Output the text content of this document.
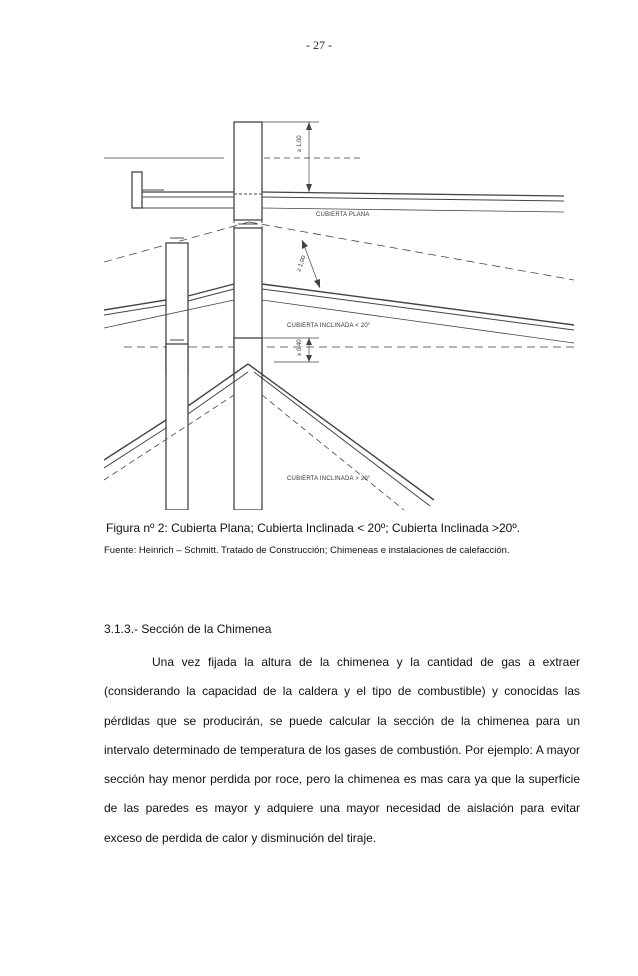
- 27 -
≥ 1,00
CUBIERTA PLANA
≥ 1,00
CUBIERTA INCLINADA < 20°
≥ 0,40
CUBIERTA INCLINADA > 20°
Figura nº 2: Cubierta Plana; Cubierta Inclinada < 20º; Cubierta Inclinada >20º.
Fuente: Heinrich – Schmitt. Tratado de Construcción; Chimeneas e instalaciones de calefacción.
3.1.3.- Sección de la Chimenea

Una vez fijada la altura de la chimenea y la cantidad de gas a extraer (considerando la capacidad de la caldera y el tipo de combustible) y conocidas las pérdidas que se producirán, se puede calcular la sección de la chimenea para un intervalo determinado de temperatura de los gases de combustión. Por ejemplo: A mayor sección hay menor perdida por roce, pero la chimenea es mas cara ya que la superficie de las paredes es mayor y adquiere una mayor necesidad de aislación para evitar exceso de perdida de calor y disminución del tiraje.
